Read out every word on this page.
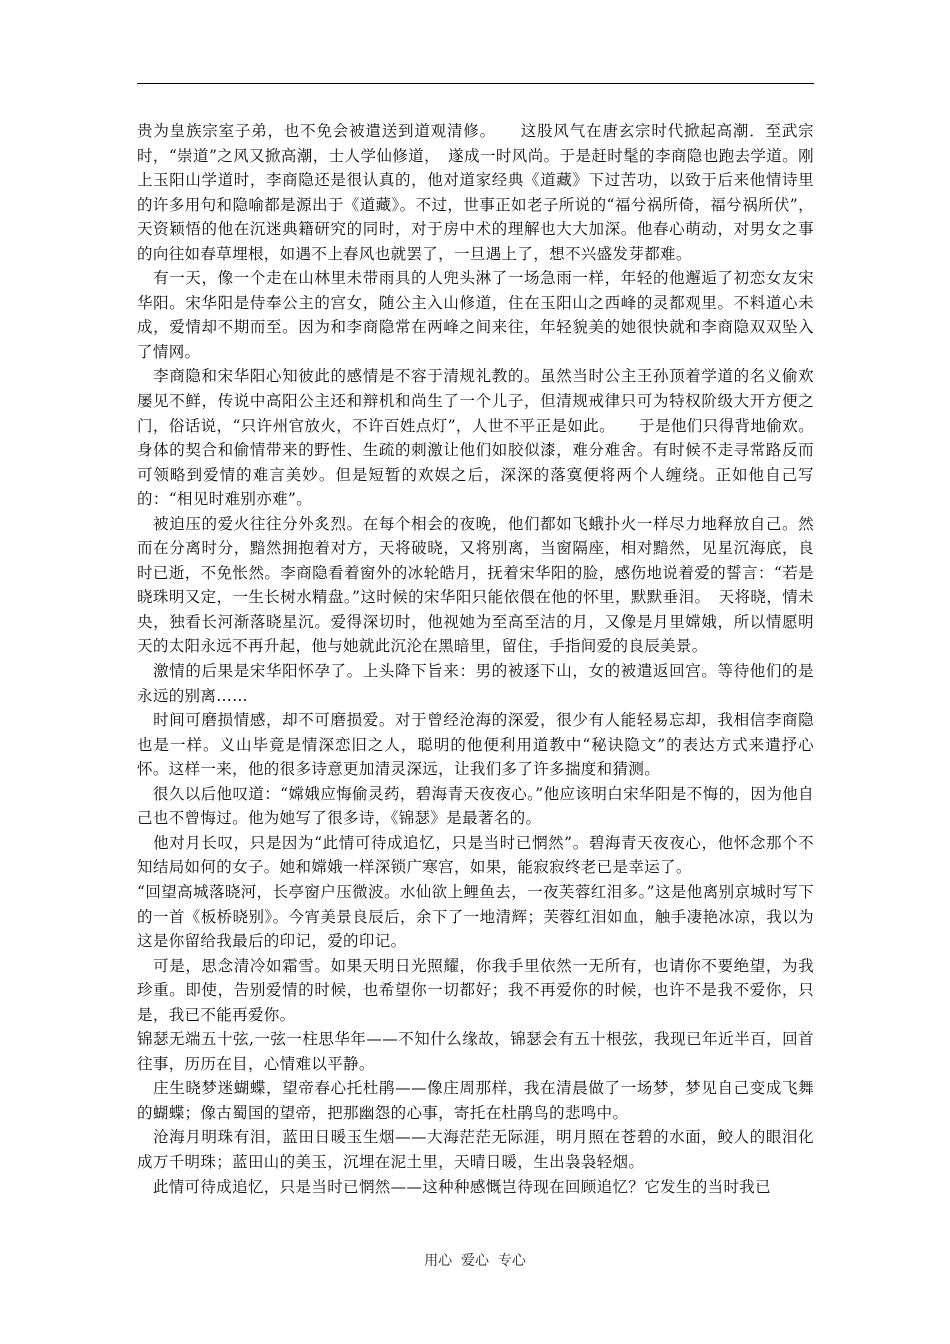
贵为皇族宗室子弟，也不免会被遣送到道观清修。　　这股风气在唐玄宗时代掀起高潮．至武宗时，“崇道”之风又掀高潮，士人学仙修道，　遂成一时风尚。于是赶时髦的李商隐也跑去学道。刚上玉阳山学道时，李商隐还是很认真的，他对道家经典《道藏》下过苦功，以致于后来他情诗里的许多用句和隐喻都是源出于《道藏》。不过，世事正如老子所说的“福兮祸所倚，福兮祸所伏”，天资颖悟的他在沉迷典籍研究的同时，对于房中术的理解也大大加深。他春心萌动，对男女之事的向往如春草埋根，如遇不上春风也就罢了，一旦遇上了，想不兴盛发芽都难。

　有一天，像一个走在山林里未带雨具的人兜头淋了一场急雨一样，年轻的他邂逅了初恋女友宋华阳。宋华阳是侍奉公主的宫女，随公主入山修道，住在玉阳山之西峰的灵都观里。不料道心未成，爱情却不期而至。因为和李商隐常在两峰之间来往，年轻貌美的她很快就和李商隐双双坠入了情网。

　李商隐和宋华阳心知彼此的感情是不容于清规礼教的。虽然当时公主王孙顶着学道的名义偷欢屡见不鲜，传说中高阳公主还和辩机和尚生了一个儿子，但清规戒律只可为特权阶级大开方便之门，俗话说，“只许州官放火，不许百姓点灯”，人世不平正是如此。　　于是他们只得背地偷欢。身体的契合和偷情带来的野性、生疏的刺激让他们如胶似漆，难分难舍。有时候不走寻常路反而可领略到爱情的难言美妙。但是短暂的欢娱之后，深深的落寞便将两个人缠绕。正如他自己写的：“相见时难别亦难”。

　被迫压的爱火往往分外炙烈。在每个相会的夜晚，他们都如飞蛾扑火一样尽力地释放自己。然而在分离时分，黯然拥抱着对方，天将破晓，又将别离，当窗隔座，相对黯然，见星沉海底，良时已逝，不免怅然。李商隐看着窗外的冰轮皓月，抚着宋华阳的脸，感伤地说着爱的誓言：“若是晓珠明又定，一生长树水精盘。”这时候的宋华阳只能依偎在他的怀里，默默垂泪。　天将晓，情未央，独看长河渐落晓星沉。爱得深切时，他视她为至高至洁的月，又像是月里嫦娥，所以情愿明天的太阳永远不再升起，他与她就此沉沦在黑暗里，留住，手指间爱的良辰美景。

　激情的后果是宋华阳怀孕了。上头降下旨来：男的被逐下山，女的被遣返回宫。等待他们的是永远的别离……

　时间可磨损情感，却不可磨损爱。对于曾经沧海的深爱，很少有人能轻易忘却，我相信李商隐也是一样。义山毕竟是情深恋旧之人，聪明的他便利用道教中“秘诀隐文”的表达方式来遣抒心怀。这样一来，他的很多诗意更加清灵深远，让我们多了许多揣度和猜测。

　很久以后他叹道：“嫦娥应悔偷灵药，碧海青天夜夜心。”他应该明白宋华阳是不悔的，因为他自己也不曾悔过。他为她写了很多诗，《锦瑟》是最著名的。

　他对月长叹，只是因为“此情可待成追忆，只是当时已惘然”。碧海青天夜夜心，他怀念那个不知结局如何的女子。她和嫦娥一样深锁广寒宫，如果，能寂寂终老已是幸运了。

“回望高城落晓河，长亭窗户压微波。水仙欲上鲤鱼去，一夜芙蓉红泪多。”这是他离别京城时写下的一首《板桥晓别》。今宵美景良辰后，余下了一地清辉；芙蓉红泪如血，触手凄艳冰凉，我以为这是你留给我最后的印记，爱的印记。

　可是，思念清冷如霜雪。如果天明日光照耀，你我手里依然一无所有，也请你不要绝望，为我珍重。即使，告别爱情的时候，也希望你一切都好；我不再爱你的时候，也许不是我不爱你，只是，我已不能再爱你。

锦瑟无端五十弦,一弦一柱思华年——不知什么缘故，锦瑟会有五十根弦，我现已年近半百，回首往事，历历在目，心情难以平静。

　庄生晓梦迷蝴蝶，望帝春心托杜鹃——像庄周那样，我在清晨做了一场梦，梦见自己变成飞舞的蝴蝶；像古蜀国的望帝，把那幽怨的心事，寄托在杜鹃鸟的悲鸣中。

　沧海月明珠有泪，蓝田日暖玉生烟——大海茫茫无际涯，明月照在苍碧的水面，鲛人的眼泪化成万千明珠；蓝田山的美玉，沉埋在泥土里，天晴日暖，生出袅袅轻烟。

　此情可待成追忆，只是当时已惘然——这种种感慨岂待现在回顾追忆？它发生的当时我已

用心  爱心  专心
